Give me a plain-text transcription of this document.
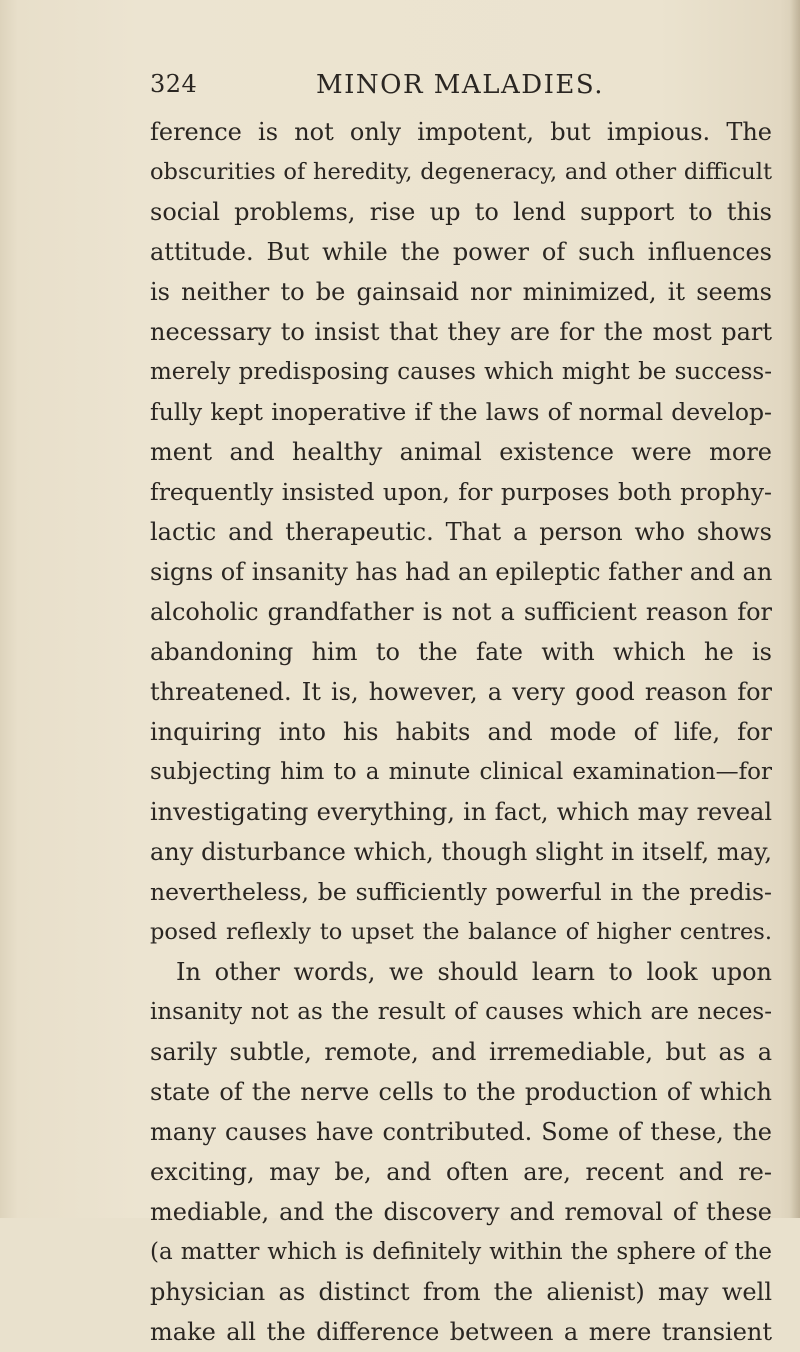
324	MINOR MALADIES.
ference is not only impotent, but impious. The
obscurities of heredity, degeneracy, and other difficult
social problems, rise up to lend support to this
attitude. But while the power of such influences
is neither to be gainsaid nor minimized, it seems
necessary to insist that they are for the most part
merely predisposing causes which might be success-
fully kept inoperative if the laws of normal develop-
ment and healthy animal existence were more
frequently insisted upon, for purposes both prophy-
lactic and therapeutic. That a person who shows
signs of insanity has had an epileptic father and an
alcoholic grandfather is not a sufficient reason for
abandoning him to the fate with which he is
threatened. It is, however, a very good reason for
inquiring into his habits and mode of life, for
subjecting him to a minute clinical examination—for
investigating everything, in fact, which may reveal
any disturbance which, though slight in itself, may,
nevertheless, be sufficiently powerful in the predis-
posed reflexly to upset the balance of higher centres.
In other words, we should learn to look upon
insanity not as the result of causes which are neces-
sarily subtle, remote, and irremediable, but as a
state of the nerve cells to the production of which
many causes have contributed. Some of these, the
exciting, may be, and often are, recent and re-
mediable, and the discovery and removal of these
(a matter which is definitely within the sphere of the
physician as distinct from the alienist) may well
make all the difference between a mere transient
